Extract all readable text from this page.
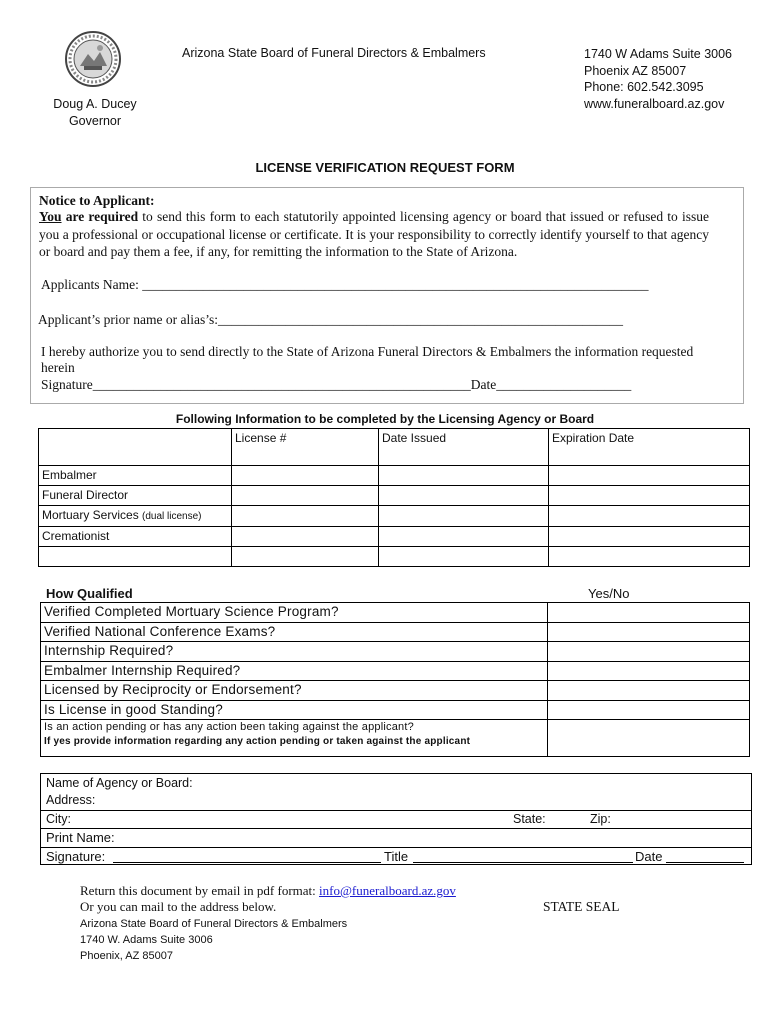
Arizona State Board of Funeral Directors & Embalmers	1740 W Adams Suite 3006
Phoenix AZ 85007
Phone: 602.542.3095
www.funeralboard.az.gov
Doug A. Ducey
Governor
LICENSE VERIFICATION REQUEST FORM
Notice to Applicant:
You are required to send this form to each statutorily appointed licensing agency or board that issued or refused to issue you a professional or occupational license or certificate. It is your responsibility to correctly identify yourself to that agency or board and pay them a fee, if any, for remitting the information to the State of Arizona.
Applicants Name: ___________________________________________________________________________
Applicant’s prior name or alias’s:____________________________________________________________
I hereby authorize you to send directly to the State of Arizona Funeral Directors & Embalmers the information requested
herein
Signature________________________________________________________Date____________________
Following Information to be completed by the Licensing Agency or Board
	License #	Date Issued	Expiration Date
Embalmer			
Funeral Director			
Mortuary Services (dual license)			
Cremationist			

How Qualified	Yes/No
Verified Completed Mortuary Science Program?	
Verified National Conference Exams?	
Internship Required?	
Embalmer Internship Required?	
Licensed by Reciprocity or Endorsement?	
Is License in good Standing?	

Is an action pending or has any action been taking against the applicant?
If yes provide information regarding any action pending or taken against the applicant	

Name of Agency or Board:
Address:
City:	State:	Zip:
Print Name:
Signature:	Title	Date
Return this document by email in pdf format: info@funeralboard.az.gov
Or you can mail to the address below.
Arizona State Board of Funeral Directors & Embalmers
1740 W. Adams Suite 3006
Phoenix, AZ 85007
STATE SEAL
